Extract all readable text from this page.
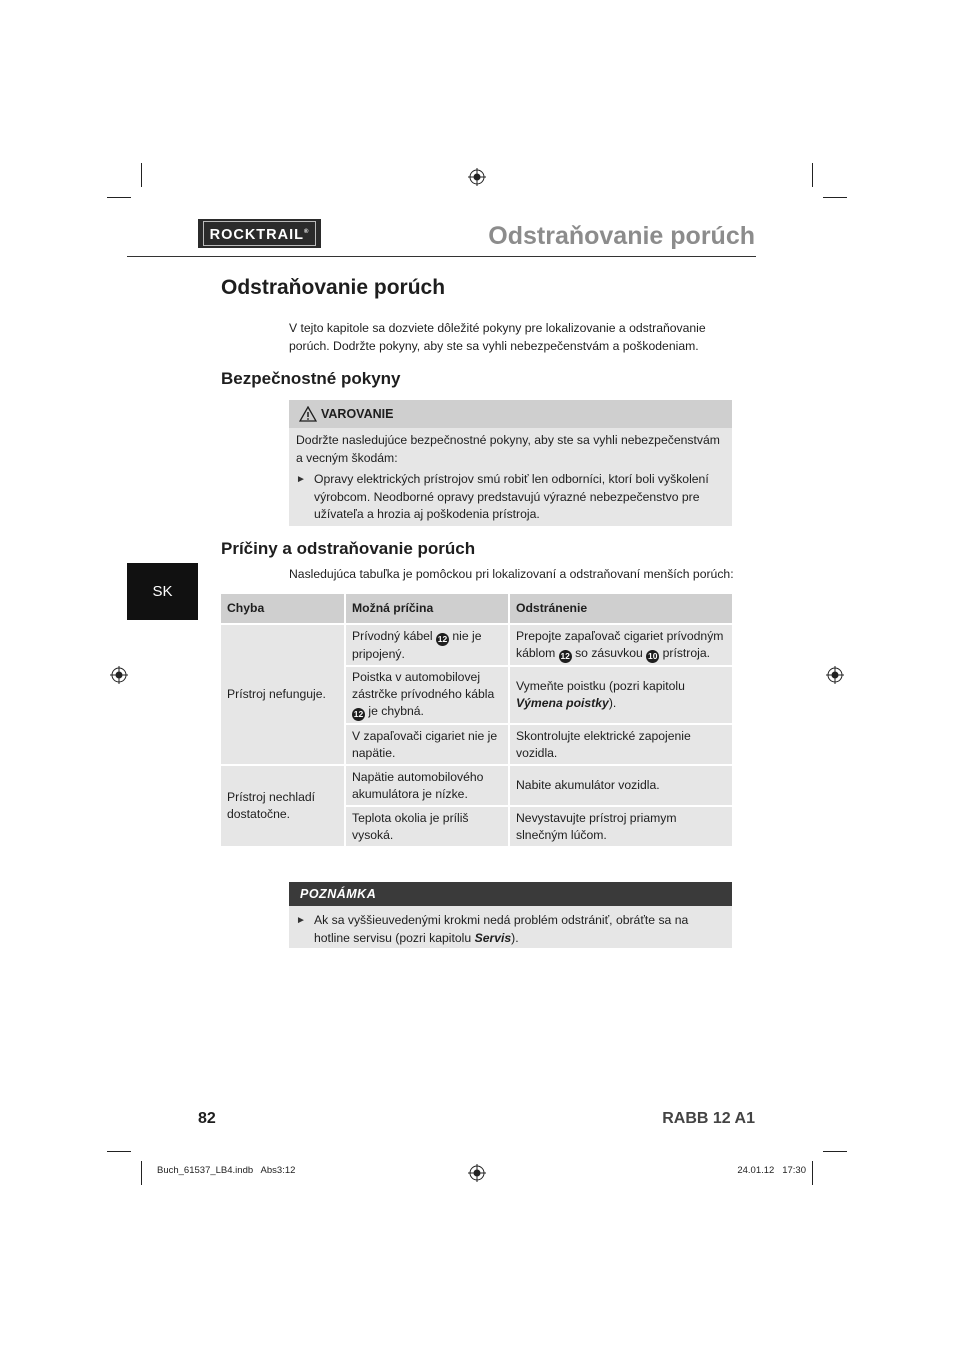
ROCKTRAIL®	Odstraňovanie porúch
Odstraňovanie porúch

V tejto kapitole sa dozviete dôležité pokyny pre lokalizovanie a odstraňovanie porúch. Dodržte pokyny, aby ste sa vyhli nebezpečenstvám a poškodeniam.

Bezpečnostné pokyny
VAROVANIE
Dodržte nasledujúce bezpečnostné pokyny, aby ste sa vyhli nebezpečenstvám a vecným škodám:
► Opravy elektrických prístrojov smú robiť len odborníci, ktorí boli vyškolení výrobcom. Neodborné opravy predstavujú výrazné nebezpečenstvo pre užívateľa a hrozia aj poškodenia prístroja.
Príčiny a odstraňovanie porúch
SK

Nasledujúca tabuľka je pomôckou pri lokalizovaní a odstraňovaní menších porúch:

Chyba	Možná príčina	Odstránenie
Prístroj nefunguje.	Prívodný kábel 12 nie je pripojený.	Prepojte zapaľovač cigariet prívodným káblom 12 so zásuvkou 10 prístroja.
	Poistka v automobilovej zástrčke prívodného kábla 12 je chybná.	Vymeňte poistku (pozri kapitolu Výmena poistky).
	V zapaľovači cigariet nie je napätie.	Skontrolujte elektrické zapojenie vozidla.
Prístroj nechladí dostatočne.	Napätie automobilového akumulátora je nízke.	Nabite akumulátor vozidla.
	Teplota okolia je príliš vysoká.	Nevystavujte prístroj priamym slnečným lúčom.
POZNÁMKA
► Ak sa vyššieuvedenými krokmi nedá problém odstrániť, obráťte sa na hotline servisu (pozri kapitolu Servis).
82	RABB 12 A1
Buch_61537_LB4.indb   Abs3:12	24.01.12   17:30
